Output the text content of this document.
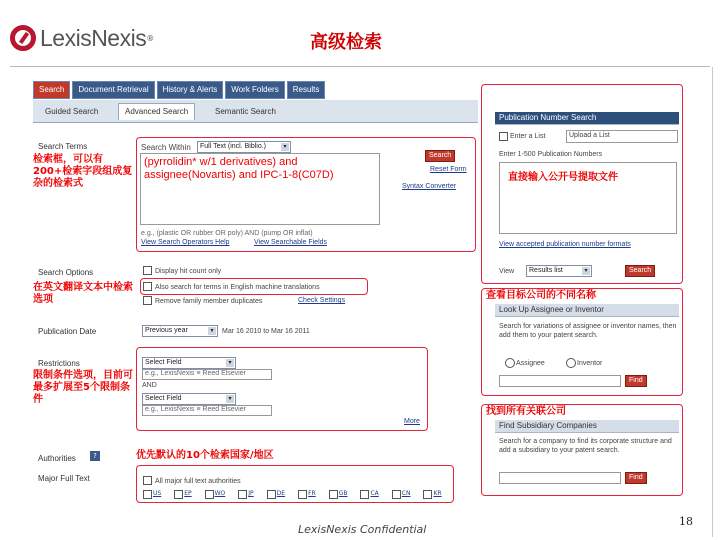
LexisNexis ®	高级检索
Search	Document Retrieval	History & Alerts	Work Folders	Results
Guided Search	Advanced Search	Semantic Search
Search Terms
检索框，可以有200+检索字段组成复杂的检索式
Search Within	Full Text (incl. Biblio.)	▾
(pyrrolidin* w/1 derivatives) and assignee(Novartis) and IPC-1-8(C07D)
Search
Reset Form
Syntax Converter
e.g., (plastic OR rubber OR poly) AND (pump OR inflat)
View Search Operators Help	View Searchable Fields
Search Options
在英文翻译文本中检索选项
Display hit count only
Also search for terms in English machine translations
Remove family member duplicates	Check Settings
Publication Date	Previous year	▾	Mar 16 2010 to Mar 16 2011
Restrictions
限制条件选项，目前可最多扩展至5个限制条件
Select Field	▾
e.g., LexisNexis ≡ Reed Elsevier
AND
Select Field	▾
e.g., LexisNexis ≡ Reed Elsevier
More
Authorities	?	优先默认的10个检索国家/地区
Major Full Text	All major full text authorities
US	EP	WO	JP	DE	FR	GB	CA	CN	KR
Publication Number Search
Enter a List	Upload a List
Enter 1-500 Publication Numbers
直接输入公开号提取文件
View accepted publication number formats
View	Results list	▾	Search
查看目标公司的不同名称
Look Up Assignee or Inventor
Search for variations of assignee or inventor names, then add them to your patent search.
Assignee	Inventor
Find
找到所有关联公司
Find Subsidiary Companies
Search for a company to find its corporate structure and add a subsidiary to your patent search.
Find
LexisNexis Confidential
18
